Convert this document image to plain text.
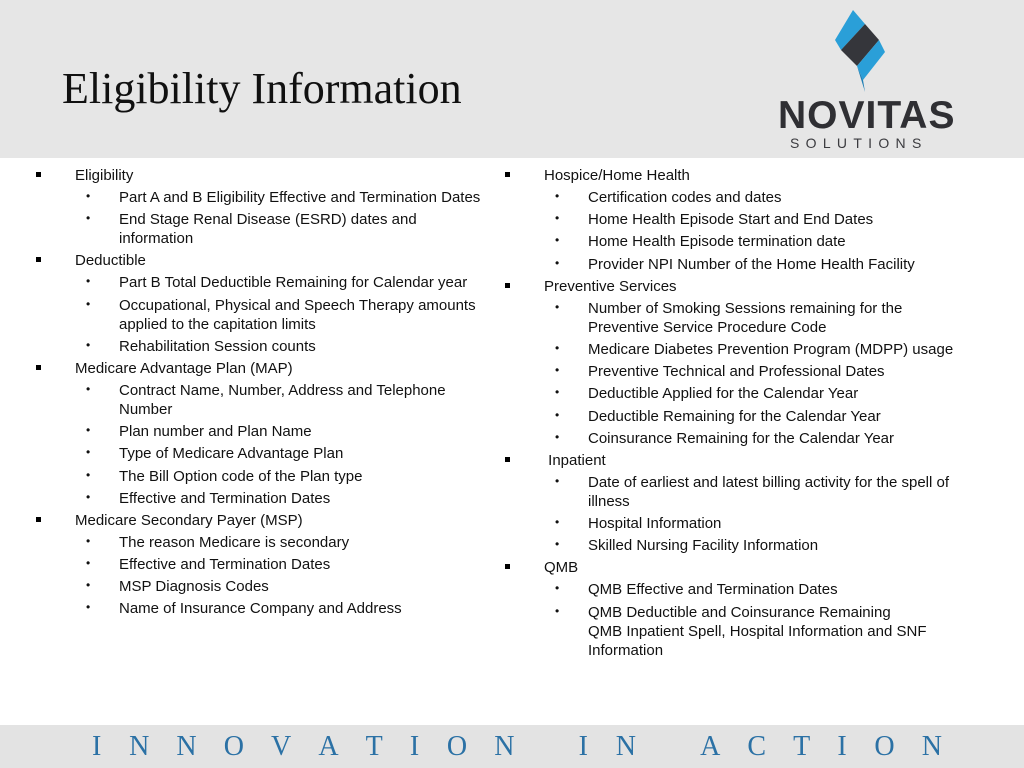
Eligibility Information
NOVITAS
SOLUTIONS
Eligibility
• Part A and B Eligibility Effective and Termination Dates
• End Stage Renal Disease (ESRD) dates and information
Deductible
• Part B Total Deductible Remaining for Calendar year
• Occupational, Physical and Speech Therapy amounts applied to the capitation limits
• Rehabilitation Session counts
Medicare Advantage Plan (MAP)
• Contract Name, Number, Address and Telephone Number
• Plan number and Plan Name
• Type of Medicare Advantage Plan
• The Bill Option code of the Plan type
• Effective and Termination Dates
Medicare Secondary Payer (MSP)
• The reason Medicare is secondary
• Effective and Termination Dates
• MSP Diagnosis Codes
• Name of Insurance Company and Address
Hospice/Home Health
• Certification codes and dates
• Home Health Episode Start and End Dates
• Home Health Episode termination date
• Provider NPI Number of the Home Health Facility
Preventive Services
• Number of Smoking Sessions remaining for the Preventive Service Procedure Code
• Medicare Diabetes Prevention Program (MDPP) usage
• Preventive Technical and Professional Dates
• Deductible Applied for the Calendar Year
• Deductible Remaining for the Calendar Year
• Coinsurance Remaining for the Calendar Year
Inpatient
• Date of earliest and latest billing activity for the spell of illness
• Hospital Information
• Skilled Nursing Facility Information
QMB
• QMB Effective and Termination Dates
• QMB Deductible and Coinsurance Remaining
QMB Inpatient Spell, Hospital Information and SNF Information
I N N O V A T I O N I N A C T I O N
